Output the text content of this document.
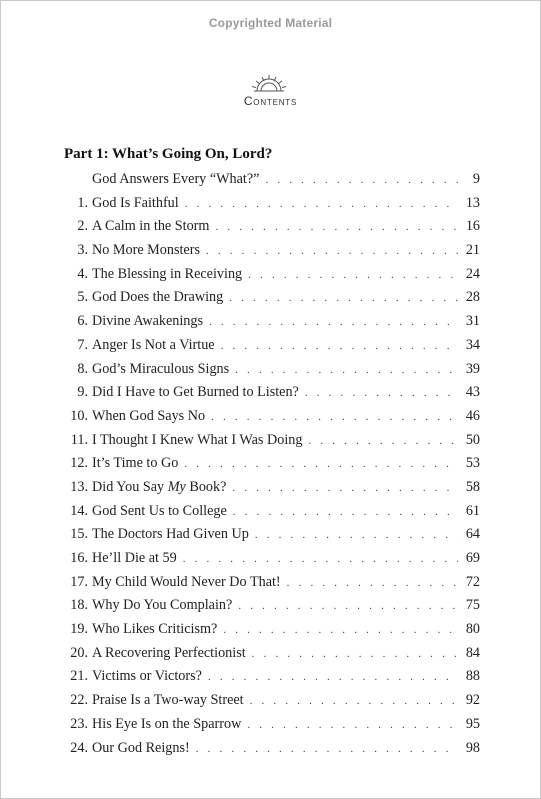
Copyrighted Material
Contents
Part 1: What’s Going On, Lord?
God Answers Every “What?” . . .	9
1. God Is Faithful . . .	13
2. A Calm in the Storm . . .	16
3. No More Monsters . . .	21
4. The Blessing in Receiving . . .	24
5. God Does the Drawing . . .	28
6. Divine Awakenings . . .	31
7. Anger Is Not a Virtue . . .	34
8. God’s Miraculous Signs . . .	39
9. Did I Have to Get Burned to Listen? . . .	43
10. When God Says No . . .	46
11. I Thought I Knew What I Was Doing . . .	50
12. It’s Time to Go . . .	53
13. Did You Say My Book? . . .	58
14. God Sent Us to College . . .	61
15. The Doctors Had Given Up . . .	64
16. He’ll Die at 59 . . .	69
17. My Child Would Never Do That! . . .	72
18. Why Do You Complain? . . .	75
19. Who Likes Criticism? . . .	80
20. A Recovering Perfectionist . . .	84
21. Victims or Victors? . . .	88
22. Praise Is a Two-way Street . . .	92
23. His Eye Is on the Sparrow . . .	95
24. Our God Reigns! . . .	98
